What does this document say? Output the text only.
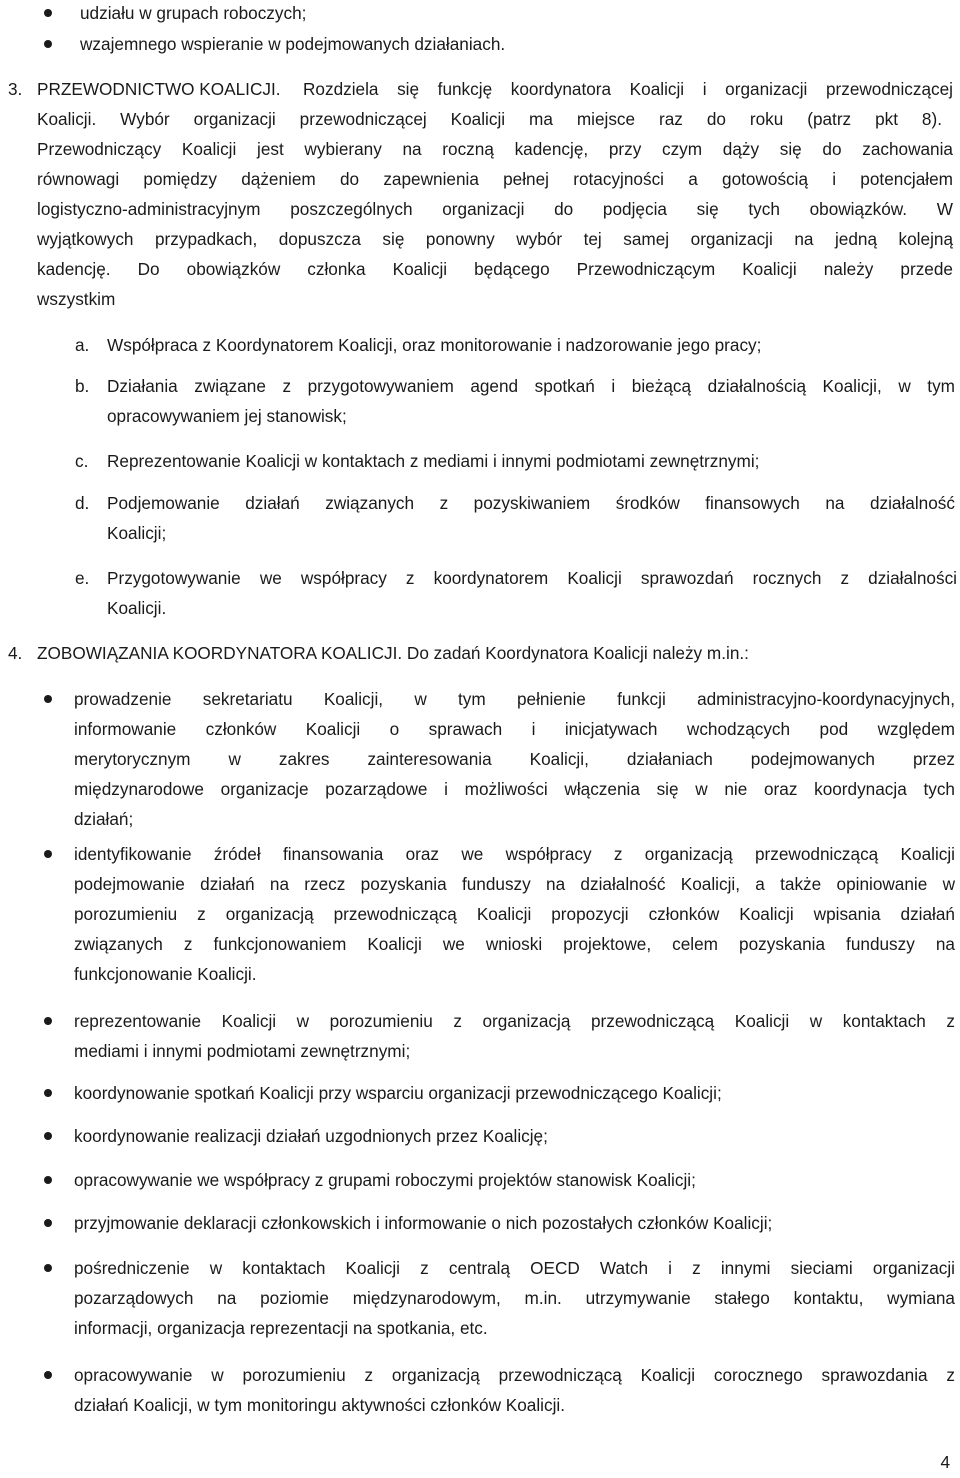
udziału w grupach roboczych;
wzajemnego wspieranie w podejmowanych działaniach.
3. PRZEWODNICTWO KOALICJI. Rozdziela się funkcję koordynatora Koalicji i organizacji przewodniczącej
Koalicji. Wybór organizacji przewodniczącej Koalicji ma miejsce raz do roku (patrz pkt 8).
Przewodniczący Koalicji jest wybierany na roczną kadencję, przy czym dąży się do zachowania
równowagi pomiędzy dążeniem do zapewnienia pełnej rotacyjności a gotowością i potencjałem
logistyczno-administracyjnym poszczególnych organizacji do podjęcia się tych obowiązków. W
wyjątkowych przypadkach, dopuszcza się ponowny wybór tej samej organizacji na jedną kolejną
kadencję. Do obowiązków członka Koalicji będącego Przewodniczącym Koalicji należy przede
wszystkim
a. Współpraca z Koordynatorem Koalicji, oraz monitorowanie i nadzorowanie jego pracy;
b. Działania związane z przygotowywaniem agend spotkań i bieżącą działalnością Koalicji, w tym
opracowywaniem jej stanowisk;
c. Reprezentowanie Koalicji w kontaktach z mediami i innymi podmiotami zewnętrznymi;
d. Podjemowanie działań związanych z pozyskiwaniem środków finansowych na działalność
Koalicji;
e. Przygotowywanie we współpracy z koordynatorem Koalicji sprawozdań rocznych z działalności
Koalicji.
4. ZOBOWIĄZANIA KOORDYNATORA KOALICJI. Do zadań Koordynatora Koalicji należy m.in.:
prowadzenie sekretariatu Koalicji, w tym pełnienie funkcji administracyjno-koordynacyjnych,
informowanie członków Koalicji o sprawach i inicjatywach wchodzących pod względem
merytorycznym w zakres zainteresowania Koalicji, działaniach podejmowanych przez
międzynarodowe organizacje pozarządowe i możliwości włączenia się w nie oraz koordynacja tych
działań;
identyfikowanie źródeł finansowania oraz we współpracy z organizacją przewodniczącą Koalicji
podejmowanie działań na rzecz pozyskania funduszy na działalność Koalicji, a także opiniowanie w
porozumieniu z organizacją przewodniczącą Koalicji propozycji członków Koalicji wpisania działań
związanych z funkcjonowaniem Koalicji we wnioski projektowe, celem pozyskania funduszy na
funkcjonowanie Koalicji.
reprezentowanie Koalicji w porozumieniu z organizacją przewodniczącą Koalicji w kontaktach z
mediami i innymi podmiotami zewnętrznymi;
koordynowanie spotkań Koalicji przy wsparciu organizacji przewodniczącego Koalicji;
koordynowanie realizacji działań uzgodnionych przez Koalicję;
opracowywanie we współpracy z grupami roboczymi projektów stanowisk Koalicji;
przyjmowanie deklaracji członkowskich i informowanie o nich pozostałych członków Koalicji;
pośredniczenie w kontaktach Koalicji z centralą OECD Watch i z innymi sieciami organizacji
pozarządowych na poziomie międzynarodowym, m.in. utrzymywanie stałego kontaktu, wymiana
informacji, organizacja reprezentacji na spotkania, etc.
opracowywanie w porozumieniu z organizacją przewodniczącą Koalicji corocznego sprawozdania z
działań Koalicji, w tym monitoringu aktywności członków Koalicji.
4
